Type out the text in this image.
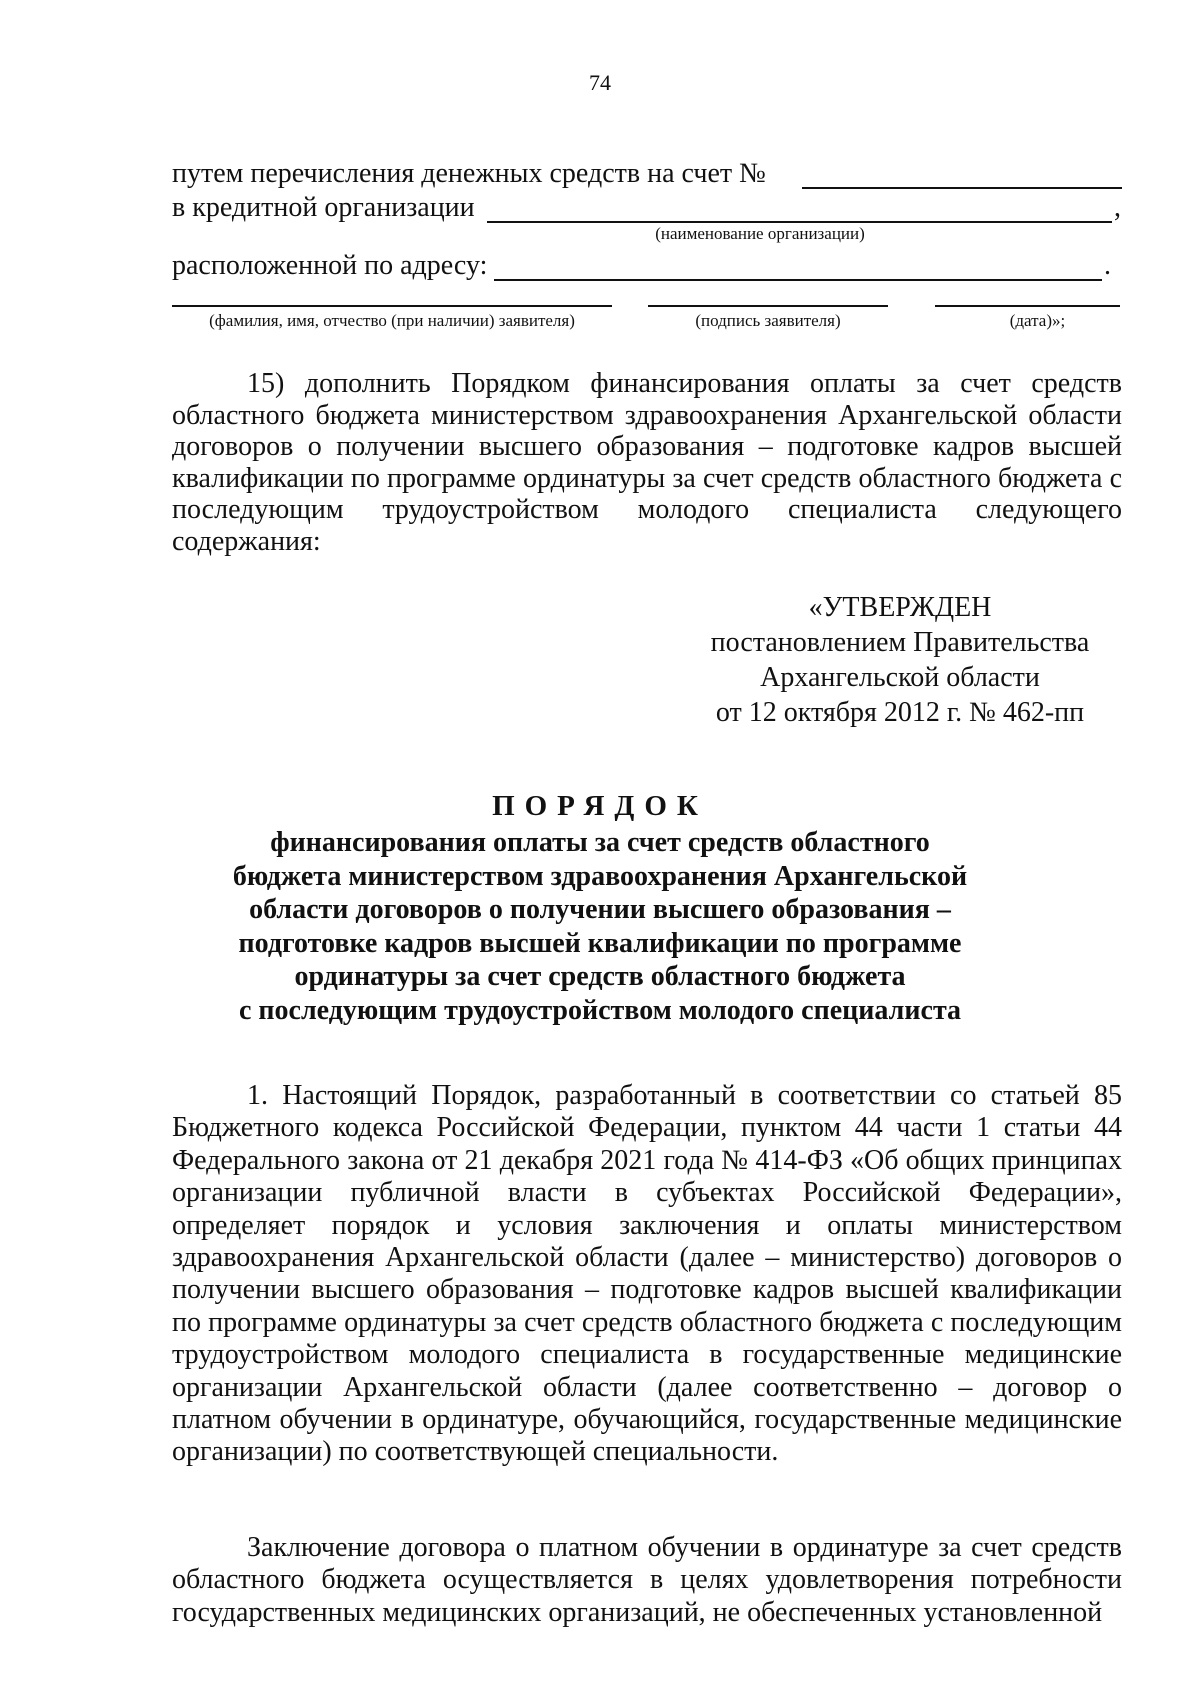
74
путем перечисления денежных средств на счет №
в кредитной организации	,
(наименование организации)
расположенной по адресу:	.
(фамилия, имя, отчество (при наличии) заявителя)	(подпись заявителя)	(дата)»;
15) дополнить Порядком финансирования оплаты за счет средств областного бюджета министерством здравоохранения Архангельской области договоров о получении высшего образования – подготовке кадров высшей квалификации по программе ординатуры за счет средств областного бюджета с последующим трудоустройством молодого специалиста следующего содержания:
«УТВЕРЖДЕН
постановлением Правительства
Архангельской области
от 12 октября 2012 г. № 462-пп
ПОРЯДОК
финансирования оплаты за счет средств областного
бюджета министерством здравоохранения Архангельской
области договоров о получении высшего образования –
подготовке кадров высшей квалификации по программе
ординатуры за счет средств областного бюджета
с последующим трудоустройством молодого специалиста
1. Настоящий Порядок, разработанный в соответствии со статьей 85 Бюджетного кодекса Российской Федерации, пунктом 44 части 1 статьи 44 Федерального закона от 21 декабря 2021 года № 414-ФЗ «Об общих принципах организации публичной власти в субъектах Российской Федерации», определяет порядок и условия заключения и оплаты министерством здравоохранения Архангельской области (далее – министерство) договоров о получении высшего образования – подготовке кадров высшей квалификации по программе ординатуры за счет средств областного бюджета с последующим трудоустройством молодого специалиста в государственные медицинские организации Архангельской области (далее соответственно – договор о платном обучении в ординатуре, обучающийся, государственные медицинские организации) по соответствующей специальности.
Заключение договора о платном обучении в ординатуре за счет средств областного бюджета осуществляется в целях удовлетворения потребности государственных медицинских организаций, не обеспеченных установленной
